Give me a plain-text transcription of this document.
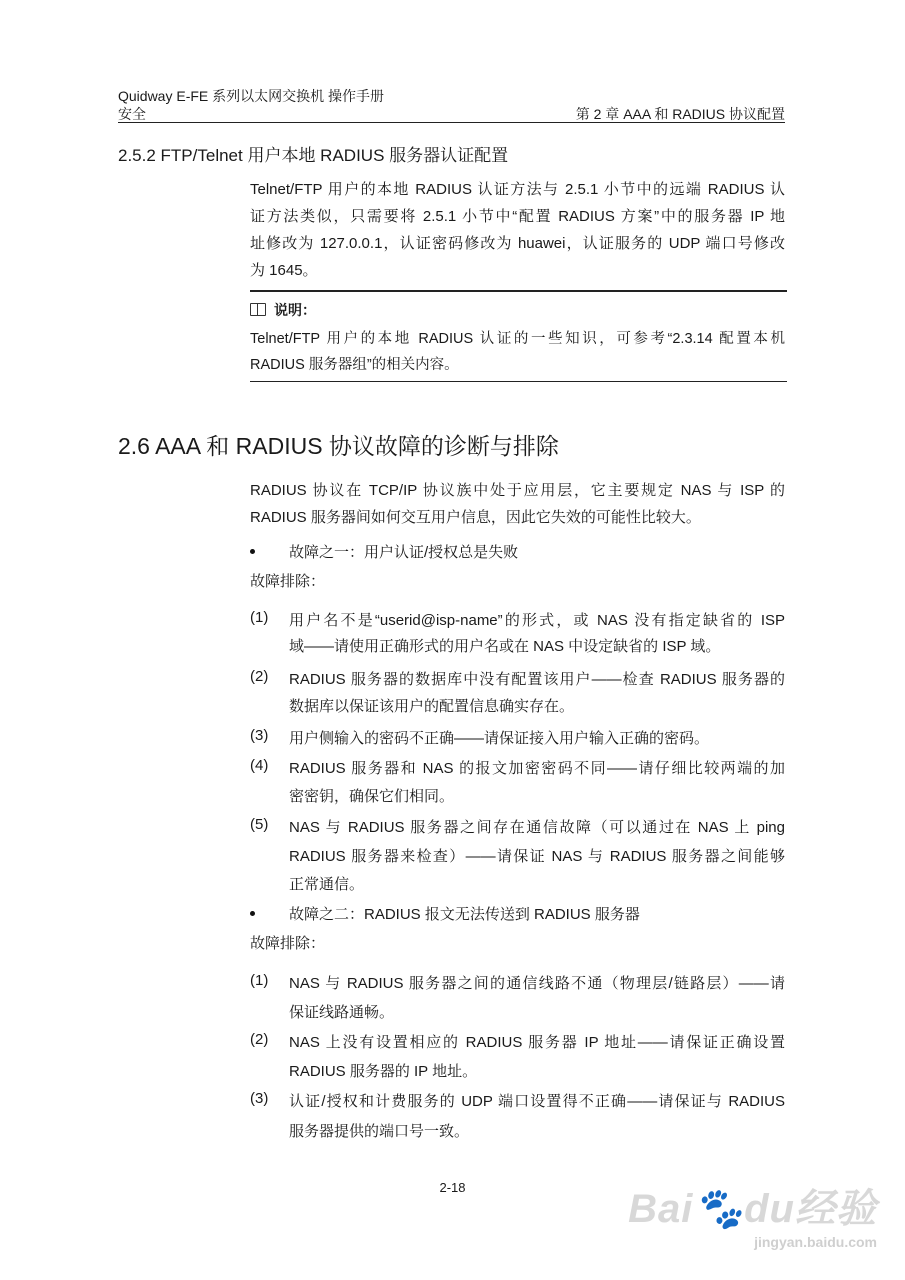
Quidway E-FE 系列以太网交换机 操作手册
安全	第 2 章 AAA 和 RADIUS 协议配置
2.5.2 FTP/Telnet 用户本地 RADIUS 服务器认证配置
Telnet/FTP 用户的本地 RADIUS 认证方法与 2.5.1 小节中的远端 RADIUS 认
证方法类似，只需要将 2.5.1 小节中“配置 RADIUS 方案”中的服务器 IP 地
址修改为 127.0.0.1，认证密码修改为 huawei，认证服务的 UDP 端口号修改
为 1645。
说明：
Telnet/FTP 用户的本地 RADIUS 认证的一些知识，可参考“2.3.14 配置本机
RADIUS 服务器组”的相关内容。
2.6 AAA 和 RADIUS 协议故障的诊断与排除
RADIUS 协议在 TCP/IP 协议族中处于应用层，它主要规定 NAS 与 ISP 的
RADIUS 服务器间如何交互用户信息，因此它失效的可能性比较大。
故障之一：用户认证/授权总是失败
故障排除：
(1) 用户名不是“userid@isp-name”的形式，或 NAS 没有指定缺省的 ISP
域——请使用正确形式的用户名或在 NAS 中设定缺省的 ISP 域。
(2) RADIUS 服务器的数据库中没有配置该用户——检查 RADIUS 服务器的
数据库以保证该用户的配置信息确实存在。
(3) 用户侧输入的密码不正确——请保证接入用户输入正确的密码。
(4) RADIUS 服务器和 NAS 的报文加密密码不同——请仔细比较两端的加
密密钥，确保它们相同。
(5) NAS 与 RADIUS 服务器之间存在通信故障（可以通过在 NAS 上 ping
RADIUS 服务器来检查）——请保证 NAS 与 RADIUS 服务器之间能够
正常通信。
故障之二：RADIUS 报文无法传送到 RADIUS 服务器
故障排除：
(1) NAS 与 RADIUS 服务器之间的通信线路不通（物理层/链路层）——请
保证线路通畅。
(2) NAS 上没有设置相应的 RADIUS 服务器 IP 地址——请保证正确设置
RADIUS 服务器的 IP 地址。
(3) 认证/授权和计费服务的 UDP 端口设置得不正确——请保证与 RADIUS
服务器提供的端口号一致。
2-18	Bai🐾du经验
jingyan.baidu.com
